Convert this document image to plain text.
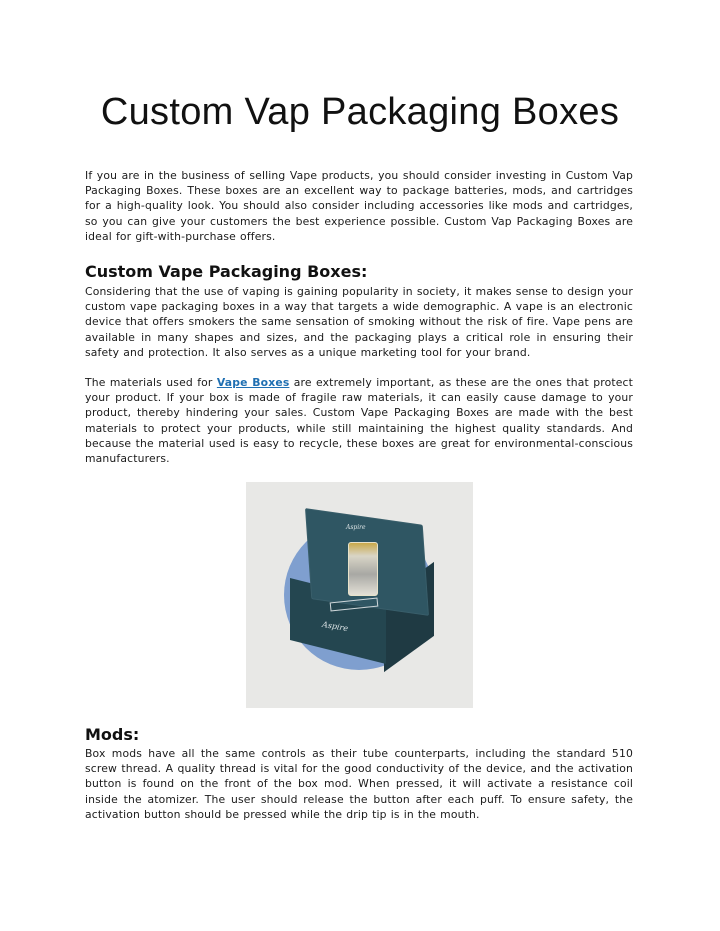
Custom Vap Packaging Boxes
If you are in the business of selling Vape products, you should consider investing in Custom Vap Packaging Boxes. These boxes are an excellent way to package batteries, mods, and cartridges for a high-quality look. You should also consider including accessories like mods and cartridges, so you can give your customers the best experience possible. Custom Vap Packaging Boxes are ideal for gift-with-purchase offers.
Custom Vape Packaging Boxes:
Considering that the use of vaping is gaining popularity in society, it makes sense to design your custom vape packaging boxes in a way that targets a wide demographic. A vape is an electronic device that offers smokers the same sensation of smoking without the risk of fire. Vape pens are available in many shapes and sizes, and the packaging plays a critical role in ensuring their safety and protection. It also serves as a unique marketing tool for your brand.
The materials used for Vape Boxes are extremely important, as these are the ones that protect your product. If your box is made of fragile raw materials, it can easily cause damage to your product, thereby hindering your sales. Custom Vape Packaging Boxes are made with the best materials to protect your products, while still maintaining the highest quality standards. And because the material used is easy to recycle, these boxes are great for environmental-conscious manufacturers.
Aspire
Aspire
Mods:
Box mods have all the same controls as their tube counterparts, including the standard 510 screw thread. A quality thread is vital for the good conductivity of the device, and the activation button is found on the front of the box mod. When pressed, it will activate a resistance coil inside the atomizer. The user should release the button after each puff. To ensure safety, the activation button should be pressed while the drip tip is in the mouth.
